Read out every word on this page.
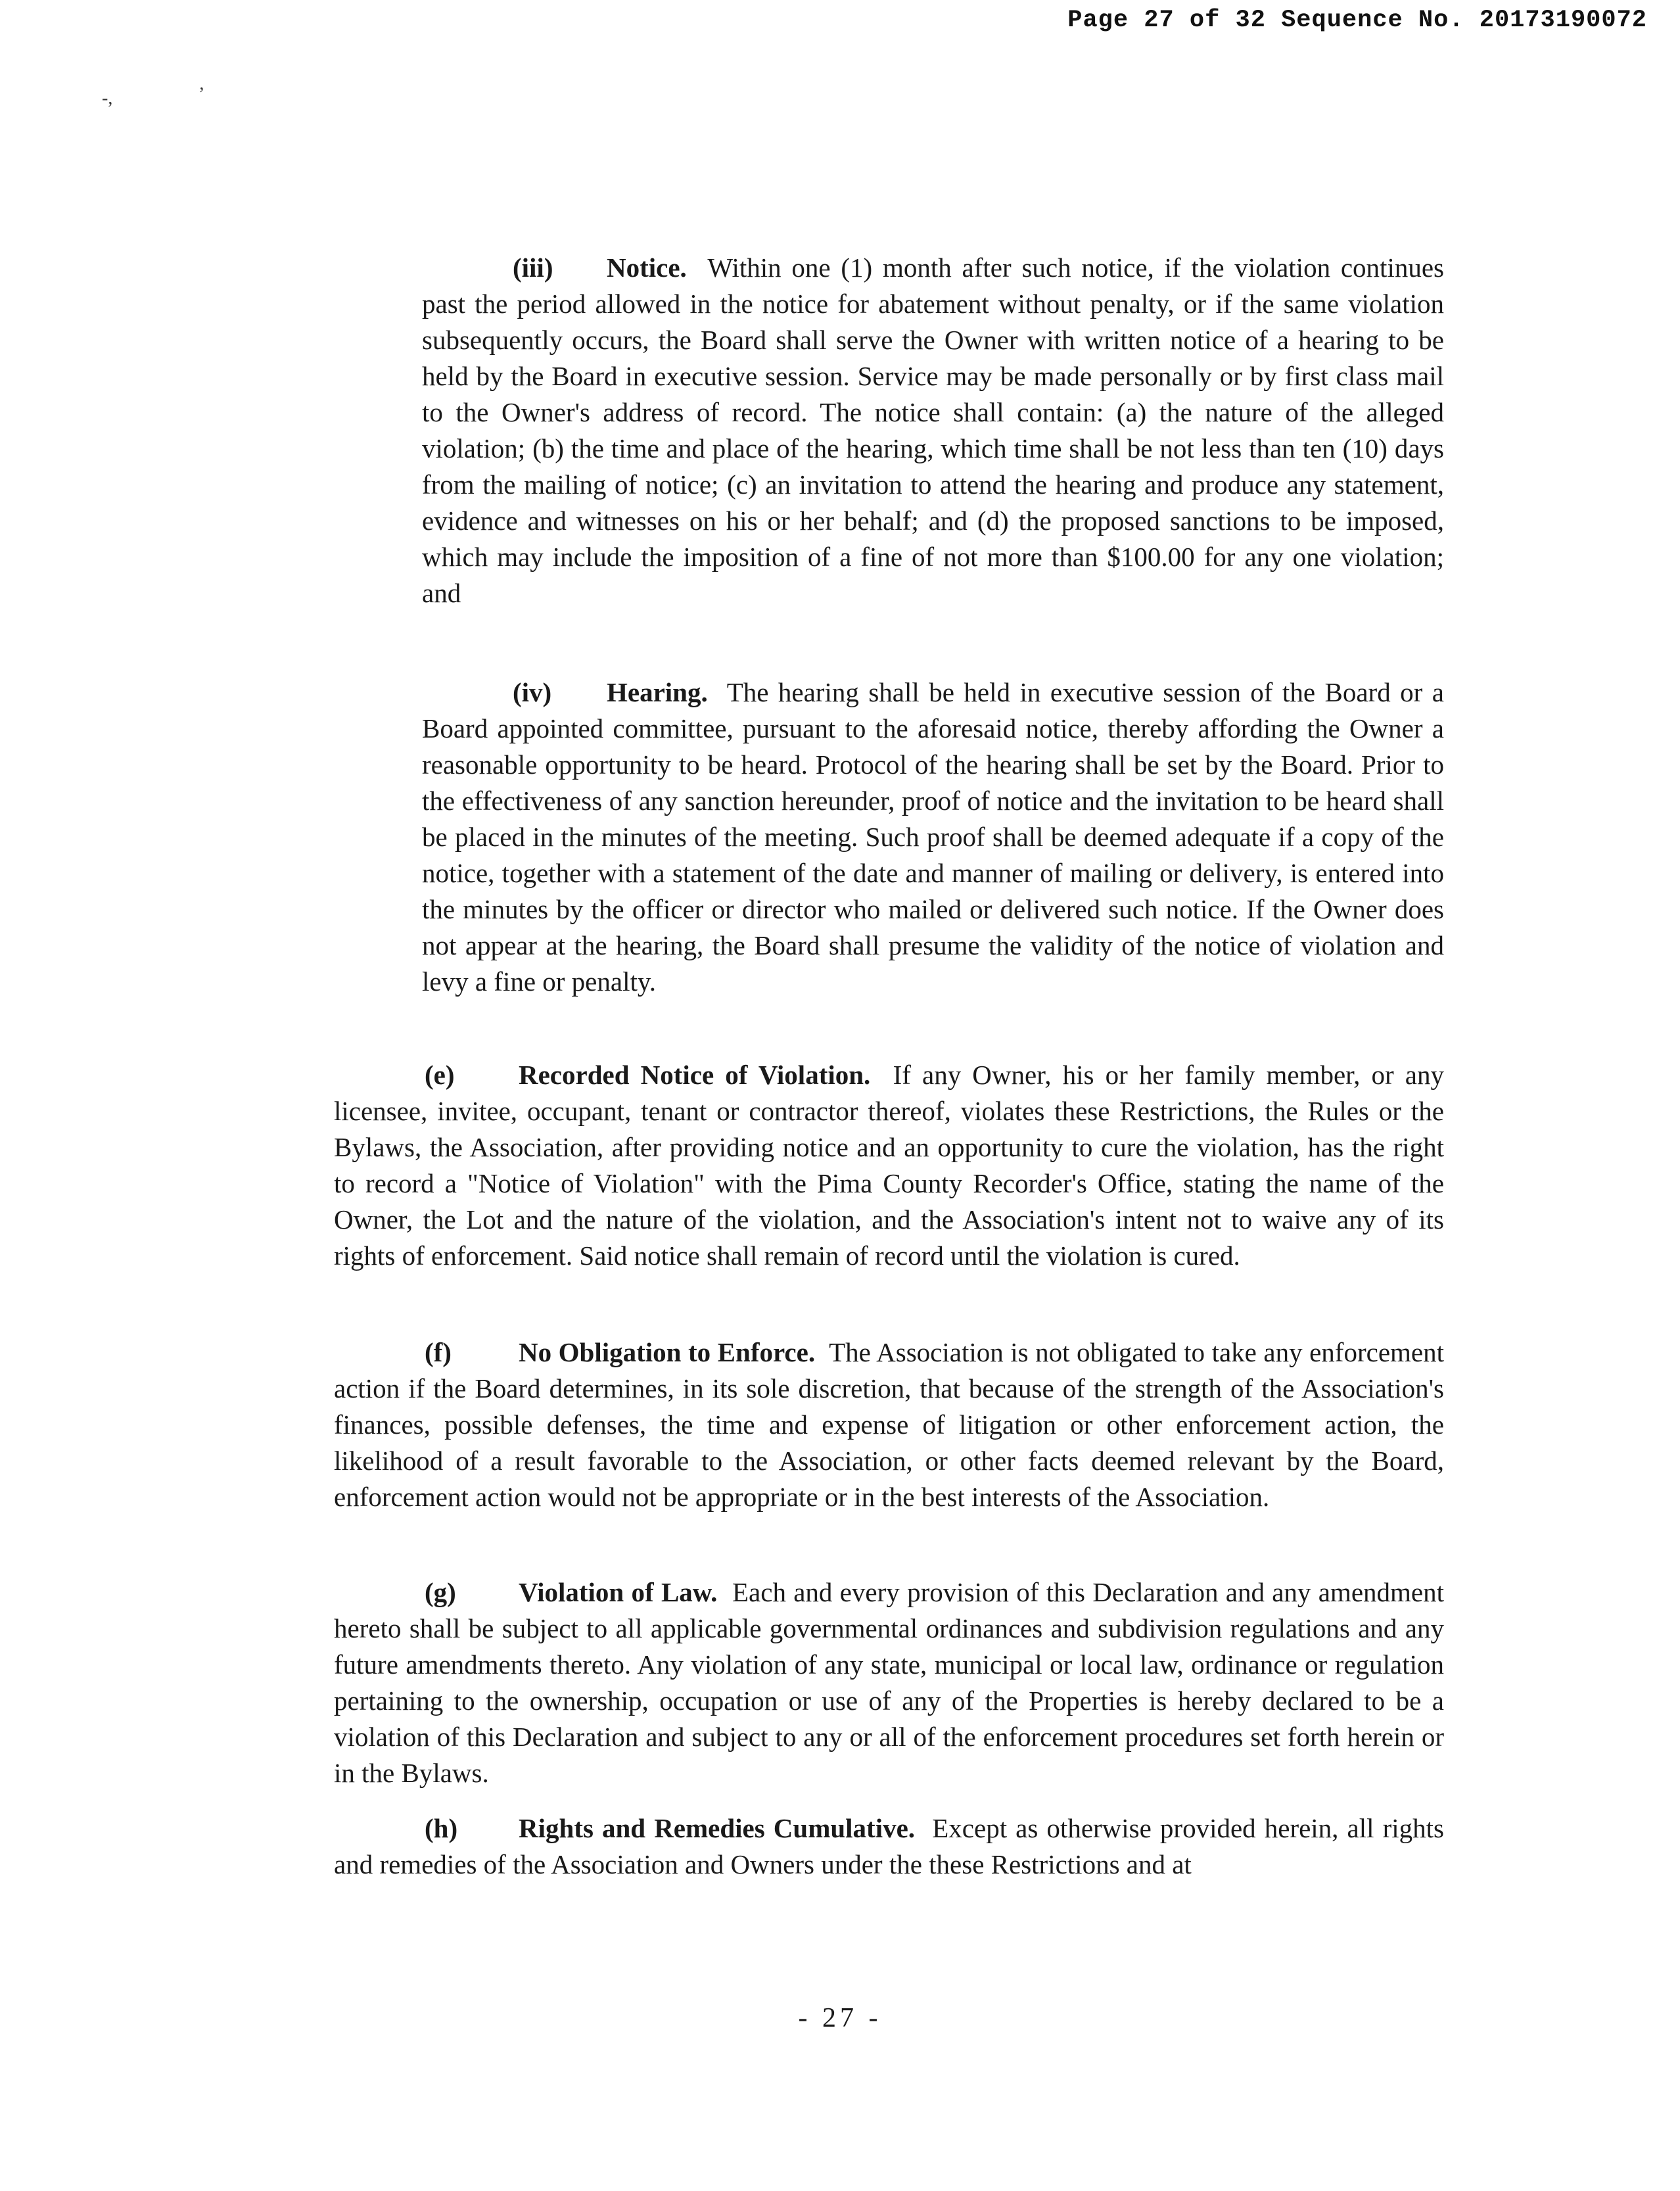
Page 27 of 32 Sequence No. 20173190072
-,	ʼ
(iii) Notice. Within one (1) month after such notice, if the violation continues past the period allowed in the notice for abatement without penalty, or if the same violation subsequently occurs, the Board shall serve the Owner with written notice of a hearing to be held by the Board in executive session. Service may be made personally or by first class mail to the Owner's address of record. The notice shall contain: (a) the nature of the alleged violation; (b) the time and place of the hearing, which time shall be not less than ten (10) days from the mailing of notice; (c) an invitation to attend the hearing and produce any statement, evidence and witnesses on his or her behalf; and (d) the proposed sanctions to be imposed, which may include the imposition of a fine of not more than $100.00 for any one violation; and
(iv) Hearing. The hearing shall be held in executive session of the Board or a Board appointed committee, pursuant to the aforesaid notice, thereby affording the Owner a reasonable opportunity to be heard. Protocol of the hearing shall be set by the Board. Prior to the effectiveness of any sanction hereunder, proof of notice and the invitation to be heard shall be placed in the minutes of the meeting. Such proof shall be deemed adequate if a copy of the notice, together with a statement of the date and manner of mailing or delivery, is entered into the minutes by the officer or director who mailed or delivered such notice. If the Owner does not appear at the hearing, the Board shall presume the validity of the notice of violation and levy a fine or penalty.
(e) Recorded Notice of Violation. If any Owner, his or her family member, or any licensee, invitee, occupant, tenant or contractor thereof, violates these Restrictions, the Rules or the Bylaws, the Association, after providing notice and an opportunity to cure the violation, has the right to record a "Notice of Violation" with the Pima County Recorder's Office, stating the name of the Owner, the Lot and the nature of the violation, and the Association's intent not to waive any of its rights of enforcement. Said notice shall remain of record until the violation is cured.
(f) No Obligation to Enforce. The Association is not obligated to take any enforcement action if the Board determines, in its sole discretion, that because of the strength of the Association's finances, possible defenses, the time and expense of litigation or other enforcement action, the likelihood of a result favorable to the Association, or other facts deemed relevant by the Board, enforcement action would not be appropriate or in the best interests of the Association.
(g) Violation of Law. Each and every provision of this Declaration and any amendment hereto shall be subject to all applicable governmental ordinances and subdivision regulations and any future amendments thereto. Any violation of any state, municipal or local law, ordinance or regulation pertaining to the ownership, occupation or use of any of the Properties is hereby declared to be a violation of this Declaration and subject to any or all of the enforcement procedures set forth herein or in the Bylaws.
(h) Rights and Remedies Cumulative. Except as otherwise provided herein, all rights and remedies of the Association and Owners under the these Restrictions and at
- 27 -
